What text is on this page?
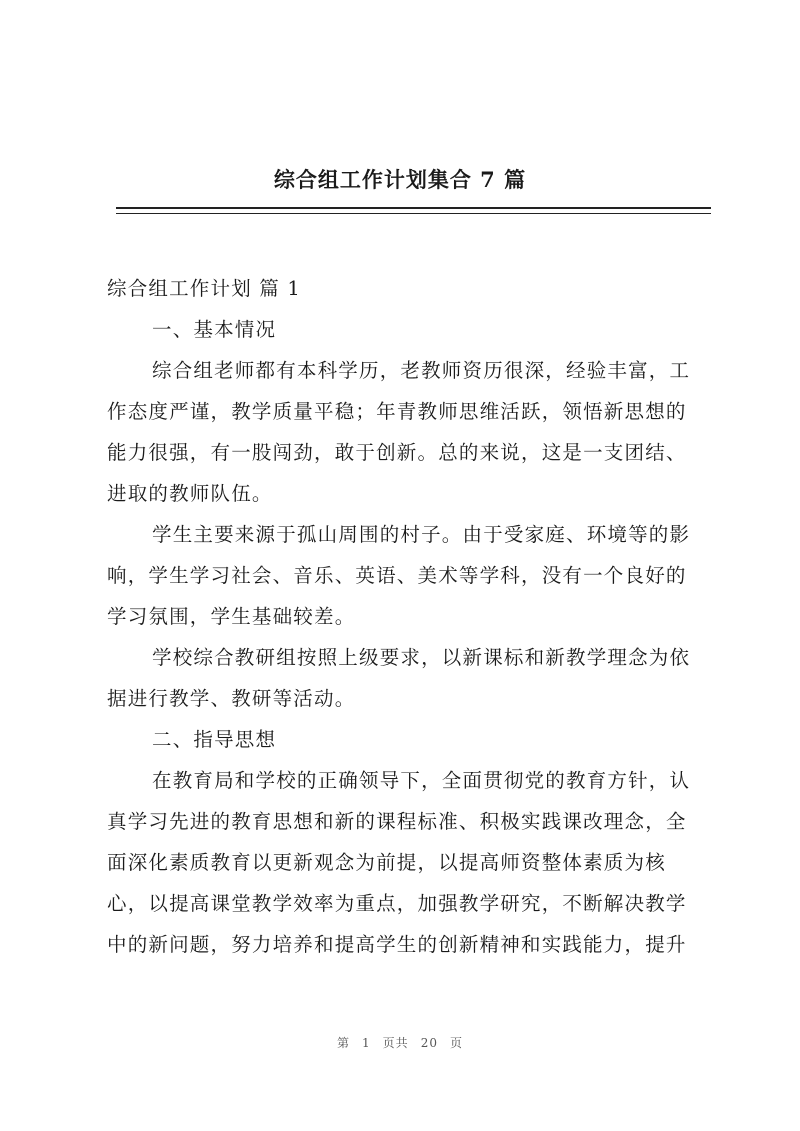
综合组工作计划集合 7 篇
综合组工作计划 篇 1
一、基本情况
综合组老师都有本科学历，老教师资历很深，经验丰富，工
作态度严谨，教学质量平稳；年青教师思维活跃，领悟新思想的
能力很强，有一股闯劲，敢于创新。总的来说，这是一支团结、
进取的教师队伍。
学生主要来源于孤山周围的村子。由于受家庭、环境等的影
响，学生学习社会、音乐、英语、美术等学科，没有一个良好的
学习氛围，学生基础较差。
学校综合教研组按照上级要求，以新课标和新教学理念为依
据进行教学、教研等活动。
二、指导思想
在教育局和学校的正确领导下，全面贯彻党的教育方针，认
真学习先进的教育思想和新的课程标准、积极实践课改理念，全
面深化素质教育以更新观念为前提，以提高师资整体素质为核
心，以提高课堂教学效率为重点，加强教学研究，不断解决教学
中的新问题，努力培养和提高学生的创新精神和实践能力，提升
第 1 页共 20 页
